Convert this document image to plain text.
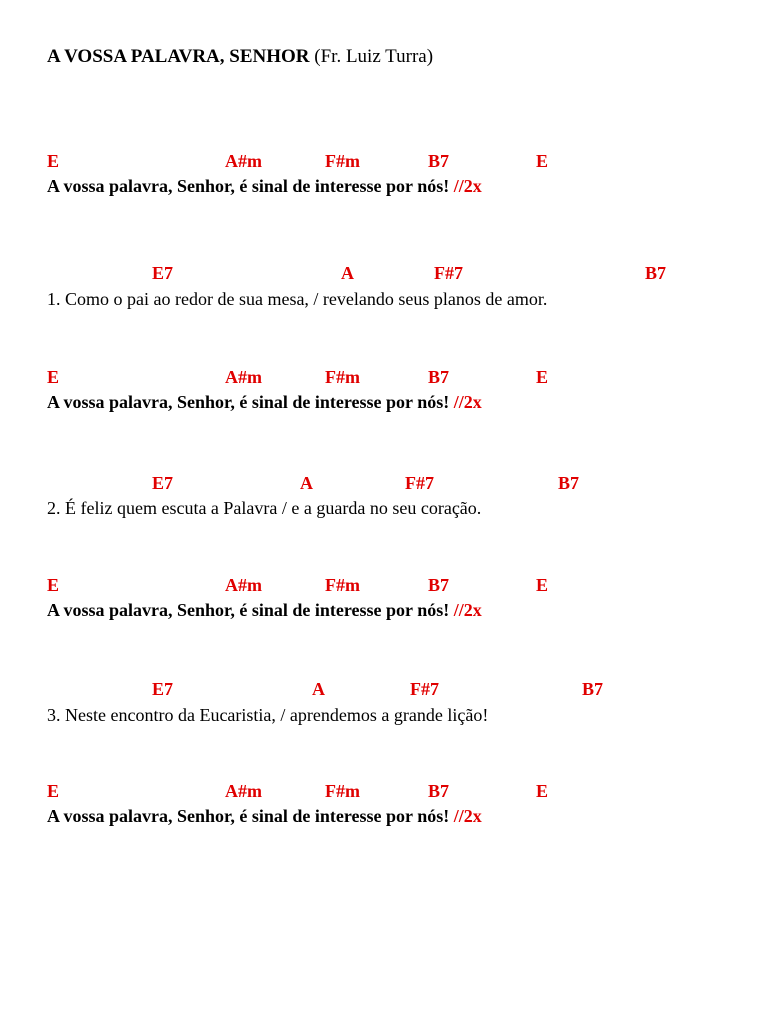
A VOSSA PALAVRA, SENHOR (Fr. Luiz Turra)
E	A#m	F#m	B7	E
A vossa palavra, Senhor, é sinal de interesse por nós! //2x
E7	A	F#7	B7
1. Como o pai ao redor de sua mesa, / revelando seus planos de amor.
E	A#m	F#m	B7	E
A vossa palavra, Senhor, é sinal de interesse por nós! //2x
E7	A	F#7	B7
2. É feliz quem escuta a Palavra / e a guarda no seu coração.
E	A#m	F#m	B7	E
A vossa palavra, Senhor, é sinal de interesse por nós! //2x
E7	A	F#7	B7
3. Neste encontro da Eucaristia, / aprendemos a grande lição!
E	A#m	F#m	B7	E
A vossa palavra, Senhor, é sinal de interesse por nós! //2x
